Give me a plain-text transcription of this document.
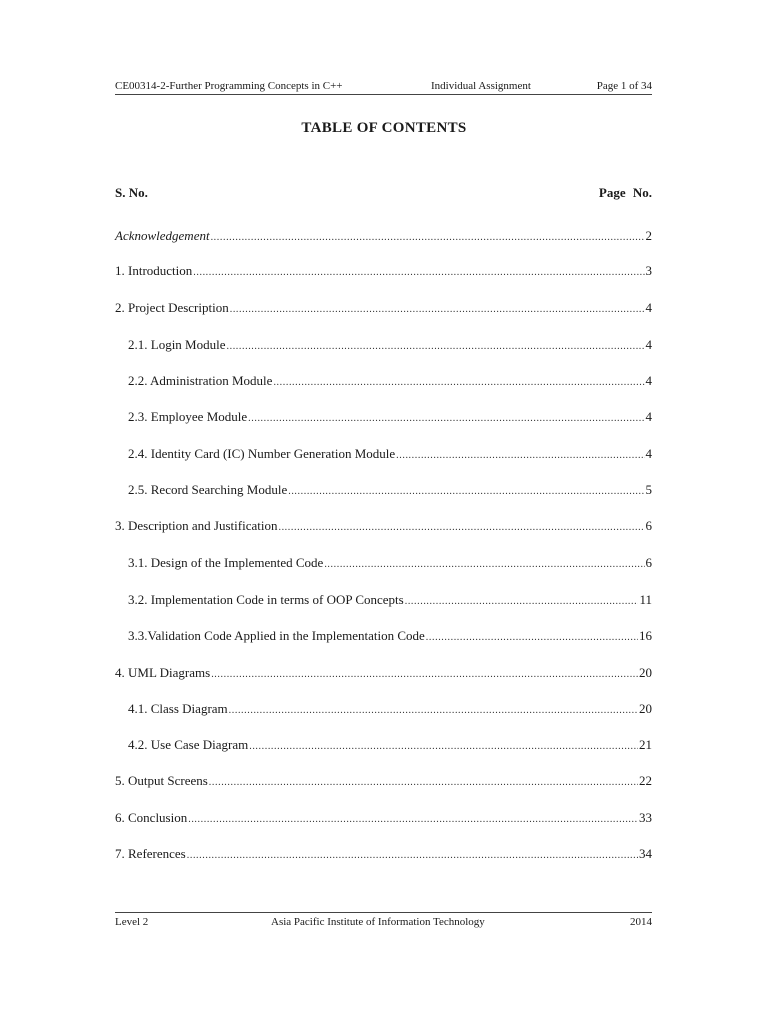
CE00314-2-Further Programming Concepts in C++	Individual Assignment	Page 1 of 34
TABLE OF CONTENTS
S. No.	Page No.
Acknowledgement .....	2
1. Introduction .....	3
2. Project Description .....	4
2.1. Login Module .....	4
2.2. Administration Module .....	4
2.3. Employee Module .....	4
2.4. Identity Card (IC) Number Generation Module .....	4
2.5. Record Searching Module .....	5
3. Description and Justification .....	6
3.1. Design of the Implemented Code .....	6
3.2. Implementation Code in terms of OOP Concepts .....	11
3.3.Validation Code Applied in the Implementation Code .....	16
4. UML Diagrams .....	20
4.1. Class Diagram .....	20
4.2. Use Case Diagram .....	21
5. Output Screens .....	22
6. Conclusion .....	33
7. References .....	34
Level 2	Asia Pacific Institute of Information Technology	2014
